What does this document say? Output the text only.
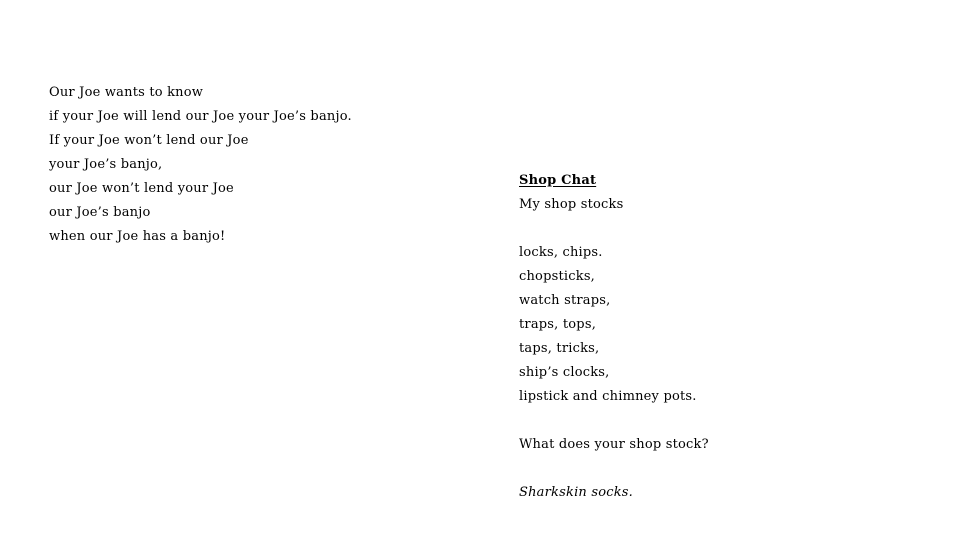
Our Joe wants to know
if your Joe will lend our Joe your Joe’s banjo.
If your Joe won’t lend our Joe
your Joe’s banjo,
our Joe won’t lend your Joe
our Joe’s banjo
when our Joe has a banjo!
Shop Chat
My shop stocks
locks, chips.
chopsticks,
watch straps,
traps, tops,
taps, tricks,
ship’s clocks,
lipstick and chimney pots.
What does your shop stock?
Sharkskin socks.
